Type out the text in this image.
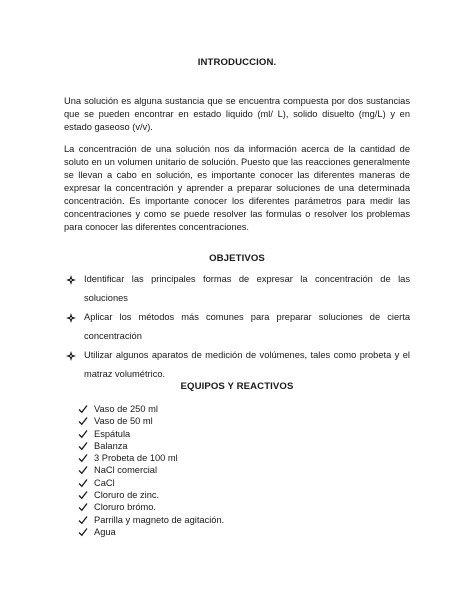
INTRODUCCION.

Una solución es alguna sustancia que se encuentra compuesta por dos sustancias que se pueden encontrar en estado liquido (ml/ L), solido disuelto (mg/L) y en estado gaseoso (v/v).

La concentración de una solución nos da información acerca de la cantidad de soluto en un volumen unitario de solución. Puesto que las reacciones generalmente se llevan a cabo en solución, es importante conocer las diferentes maneras de expresar la concentración y aprender a preparar soluciones de una determinada concentración. Es importante conocer los diferentes parámetros para medir las concentraciones y como se puede resolver las formulas o resolver los problemas para conocer las diferentes concentraciones.

OBJETIVOS
Identificar las principales formas de expresar la concentración de las soluciones
Aplicar los métodos más comunes para preparar soluciones de cierta concentración
Utilizar algunos aparatos de medición de volúmenes, tales como probeta y el matraz volumétrico.
EQUIPOS Y REACTIVOS
Vaso de 250 ml
Vaso de 50 ml
Espátula
Balanza
3 Probeta de 100 ml
NaCl comercial
CaCl
Cloruro de zinc.
Cloruro brómo.
Parrilla y magneto de agitación.
Agua
